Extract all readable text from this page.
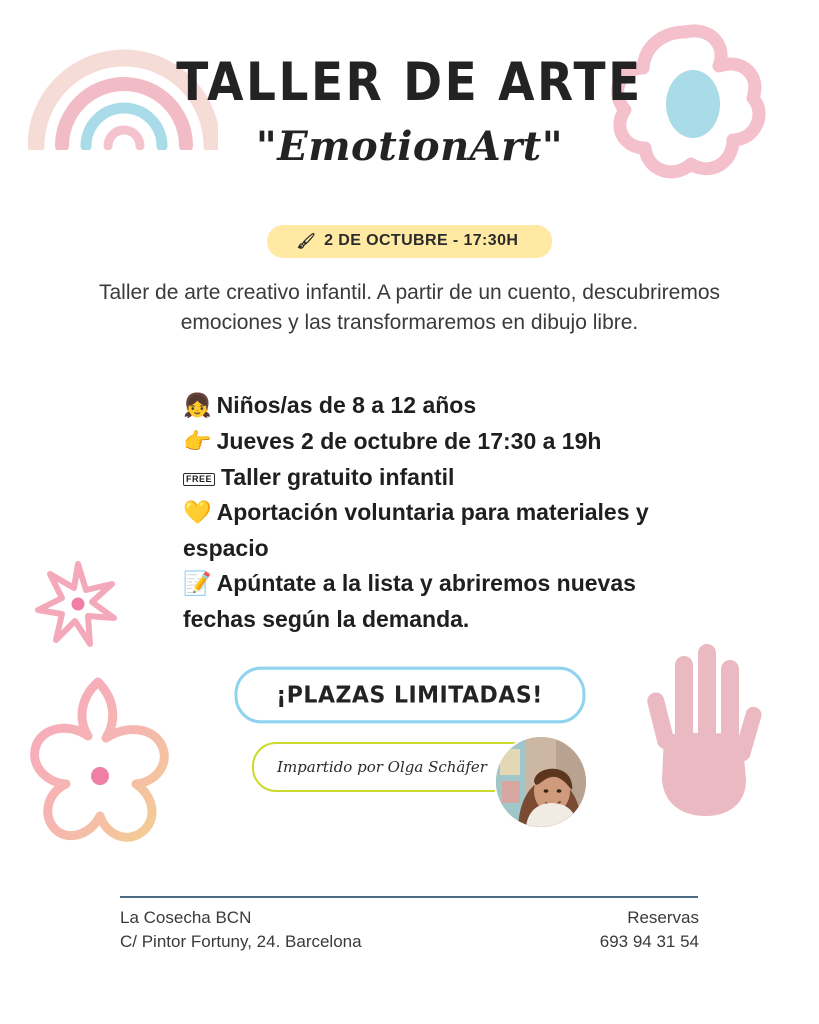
TALLER DE ARTE
"EmotionArt"
🖌 2 DE OCTUBRE - 17:30H
Taller de arte creativo infantil. A partir de un cuento, descubriremos emociones y las transformaremos en dibujo libre.
👧 Niños/as de 8 a 12 años
👉 Jueves 2 de octubre de 17:30 a 19h
FREE Taller gratuito infantil
💛 Aportación voluntaria para materiales y espacio
📝 Apúntate a la lista y abriremos nuevas fechas según la demanda.
¡PLAZAS LIMITADAS!
Impartido por Olga Schäfer
La Cosecha BCN
C/ Pintor Fortuny, 24. Barcelona
Reservas
693 94 31 54
